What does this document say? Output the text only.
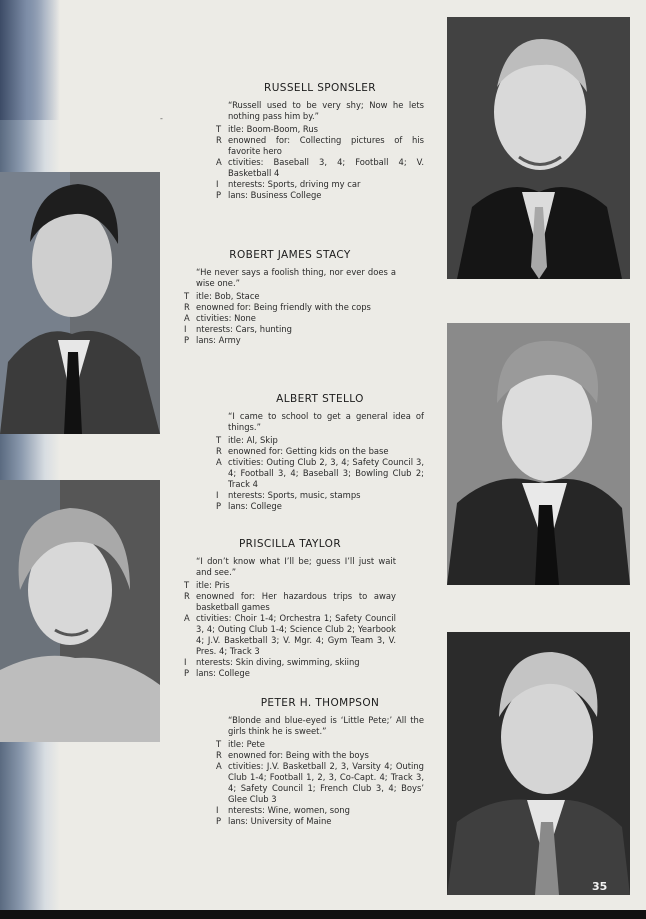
-
RUSSELL SPONSLER
“Russell used to be very shy; Now he lets nothing pass him by.”
T itle: Boom-Boom, Rus
R enowned for: Collecting pictures of his favorite hero
A ctivities: Baseball 3, 4; Football 4; V. Basketball 4
I	nterests: Sports, driving my car
P lans: Business College
ROBERT JAMES STACY
“He never says a foolish thing, nor ever does a wise one.”
T itle: Bob, Stace
R enowned for: Being friendly with the cops
A ctivities: None
I	nterests: Cars, hunting
P lans: Army
ALBERT STELLO
“I came to school to get a general idea of things.”
T itle: Al, Skip
R enowned for: Getting kids on the base
A ctivities: Outing Club 2, 3, 4; Safety Council 3, 4; Football 3, 4; Baseball 3; Bowling Club 2; Track 4
I	nterests: Sports, music, stamps
P lans: College
PRISCILLA TAYLOR
“I don’t know what I’ll be; guess I’ll just wait and see.”
T itle: Pris
R enowned for: Her hazardous trips to away basketball games
A ctivities: Choir 1-4; Orchestra 1; Safety Council 3, 4; Outing Club 1-4; Science Club 2; Yearbook 4; J.V. Basketball 3; V. Mgr. 4; Gym Team 3, V. Pres. 4; Track 3
I	nterests: Skin diving, swimming, skiing
P lans: College
PETER H. THOMPSON
“Blonde and blue-eyed is ‘Little Pete;’ All the girls think he is sweet.”
T itle: Pete
R enowned for: Being with the boys
A ctivities: J.V. Basketball 2, 3, Varsity 4; Outing Club 1-4; Football 1, 2, 3, Co-Capt. 4; Track 3, 4; Safety Council 1; French Club 3, 4; Boys’ Glee Club 3
I	nterests: Wine, women, song
P lans: University of Maine
35
